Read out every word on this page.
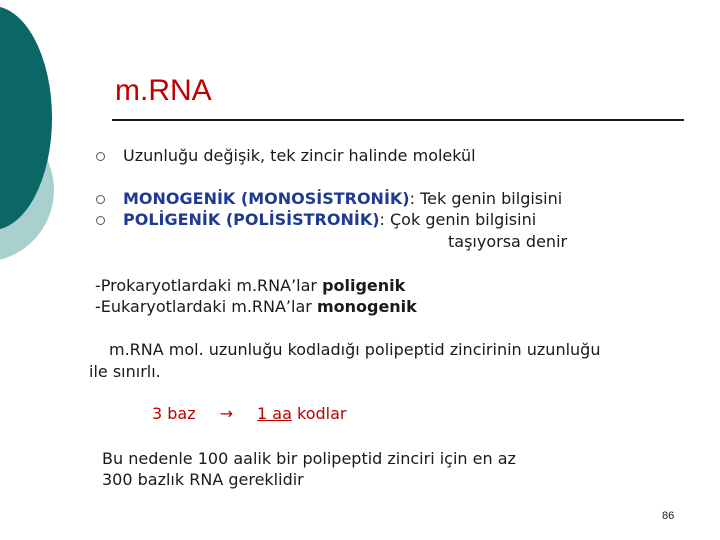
m.RNA
Uzunluğu değişik, tek zincir halinde molekül
MONOGENİK (MONOSİSTRONİK): Tek genin bilgisini
POLİGENİK (POLİSİSTRONİK): Çok genin bilgisini
taşıyorsa denir
-Prokaryotlardaki m.RNA’lar poligenik
-Eukaryotlardaki m.RNA’lar monogenik
m.RNA mol. uzunluğu kodladığı polipeptid zincirinin uzunluğu
ile sınırlı.
3 baz → 1 aa kodlar
Bu nedenle 100 aalik bir polipeptid zinciri için en az
300 bazlık RNA gereklidir
86
